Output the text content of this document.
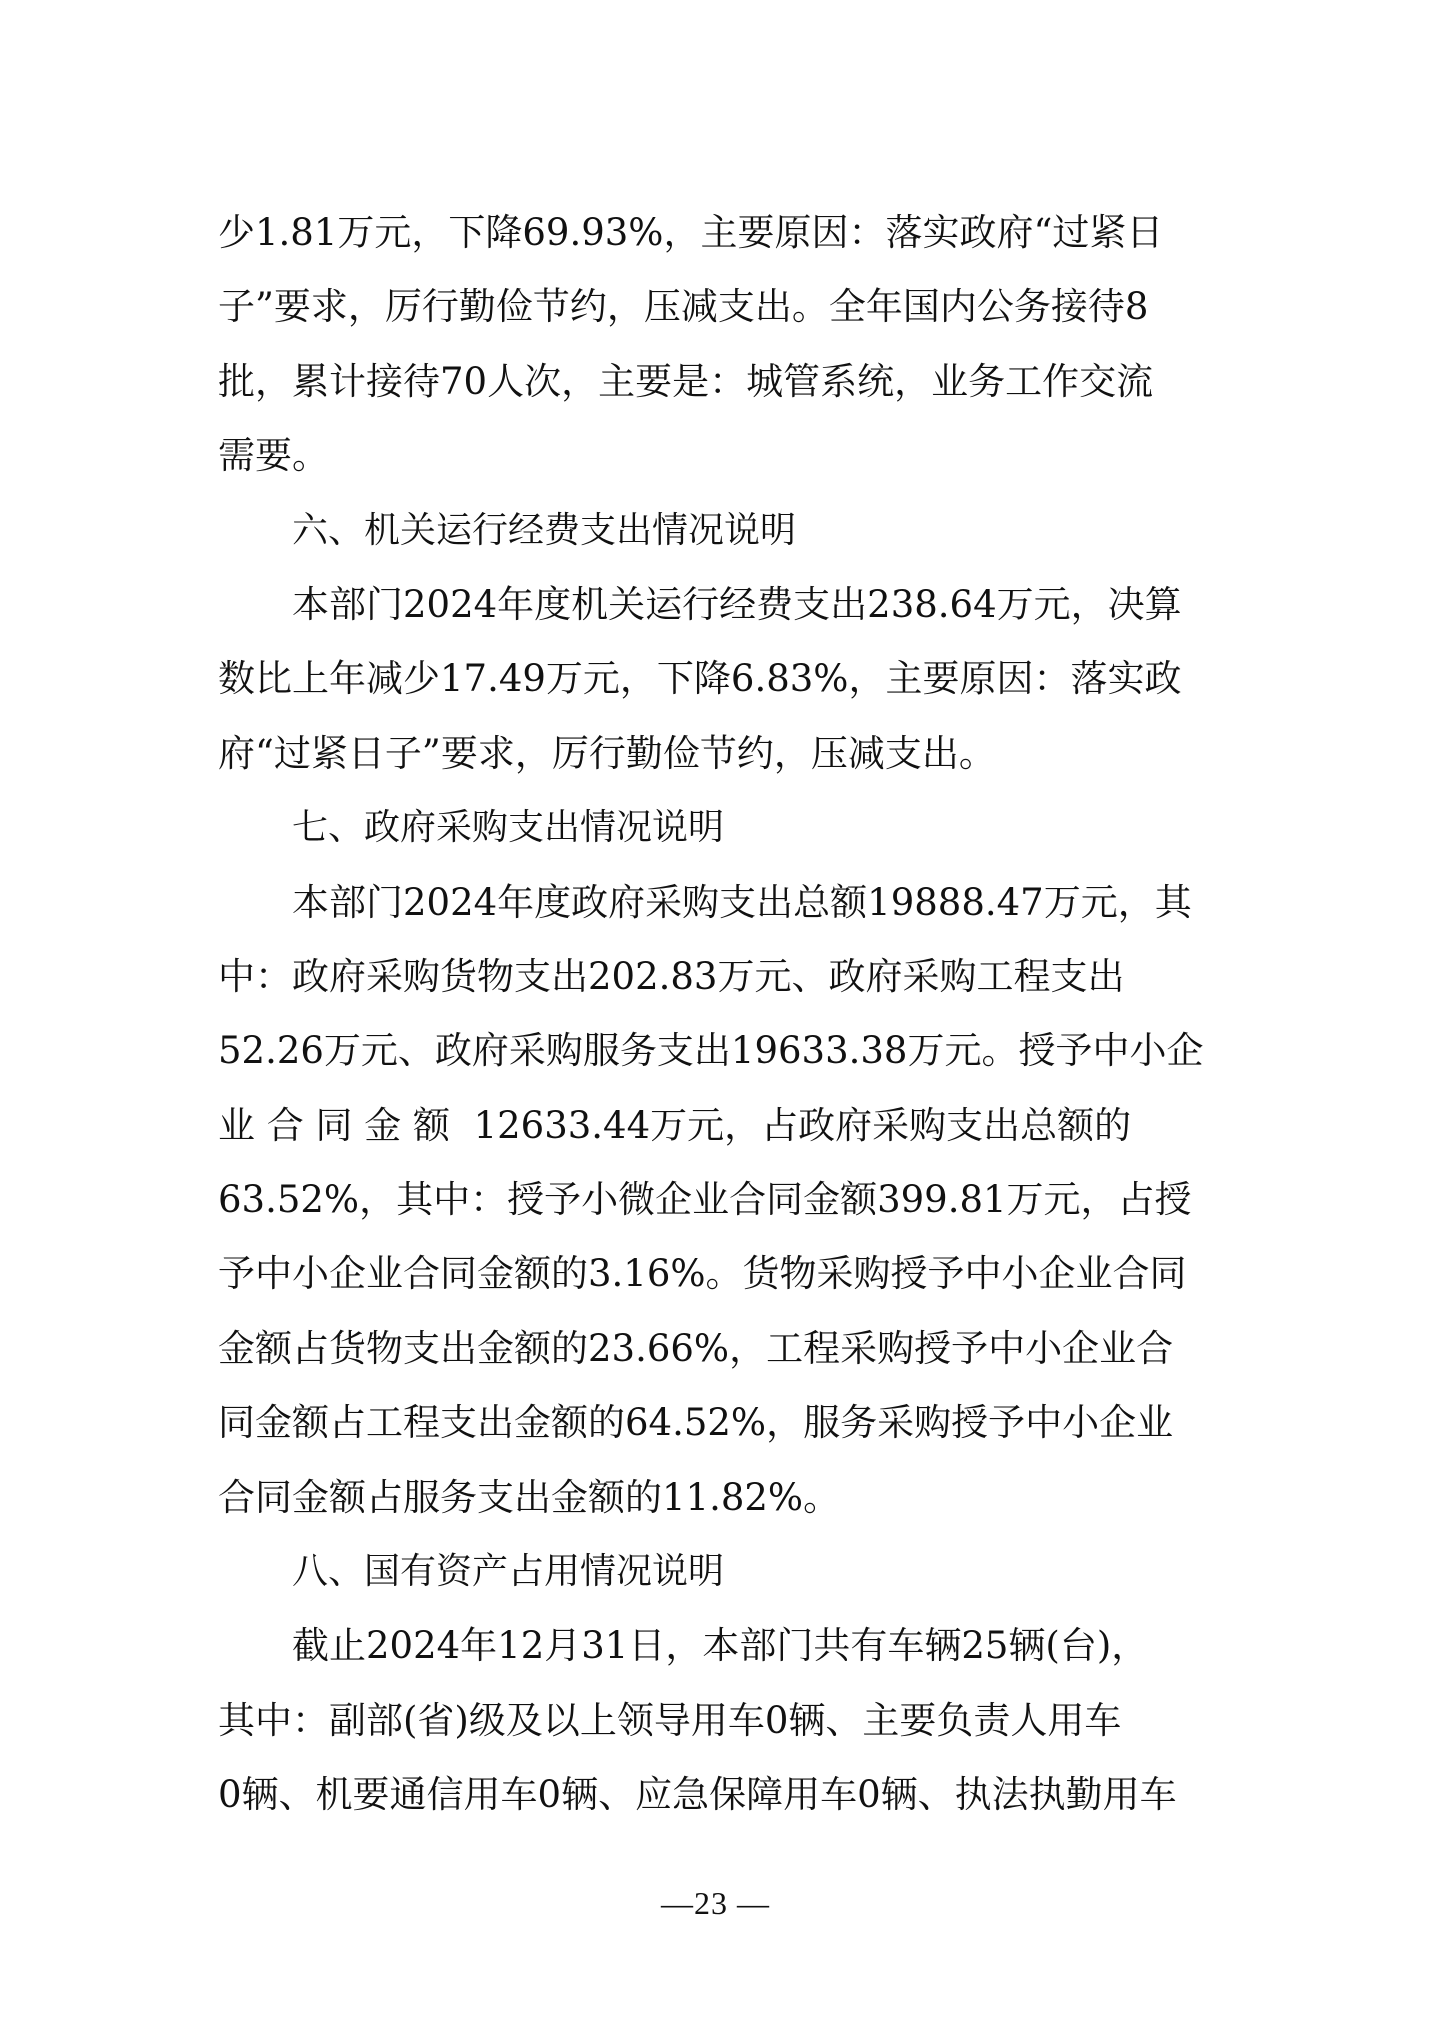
少1.81万元，下降69.93%，主要原因：落实政府“过紧日
子”要求，厉行勤俭节约，压减支出。全年国内公务接待8
批，累计接待70人次，主要是：城管系统，业务工作交流
需要。
六、机关运行经费支出情况说明
本部门2024年度机关运行经费支出238.64万元，决算
数比上年减少17.49万元，下降6.83%，主要原因：落实政
府“过紧日子”要求，厉行勤俭节约，压减支出。
七、政府采购支出情况说明
本部门2024年度政府采购支出总额19888.47万元，其
中：政府采购货物支出202.83万元、政府采购工程支出
52.26万元、政府采购服务支出19633.38万元。授予中小企
业 合 同 金 额  12633.44万元，占政府采购支出总额的
63.52%，其中：授予小微企业合同金额399.81万元，占授
予中小企业合同金额的3.16%。货物采购授予中小企业合同
金额占货物支出金额的23.66%，工程采购授予中小企业合
同金额占工程支出金额的64.52%，服务采购授予中小企业
合同金额占服务支出金额的11.82%。
八、国有资产占用情况说明
截止2024年12月31日，本部门共有车辆25辆(台)，
其中：副部(省)级及以上领导用车0辆、主要负责人用车
0辆、机要通信用车0辆、应急保障用车0辆、执法执勤用车
—23 —
